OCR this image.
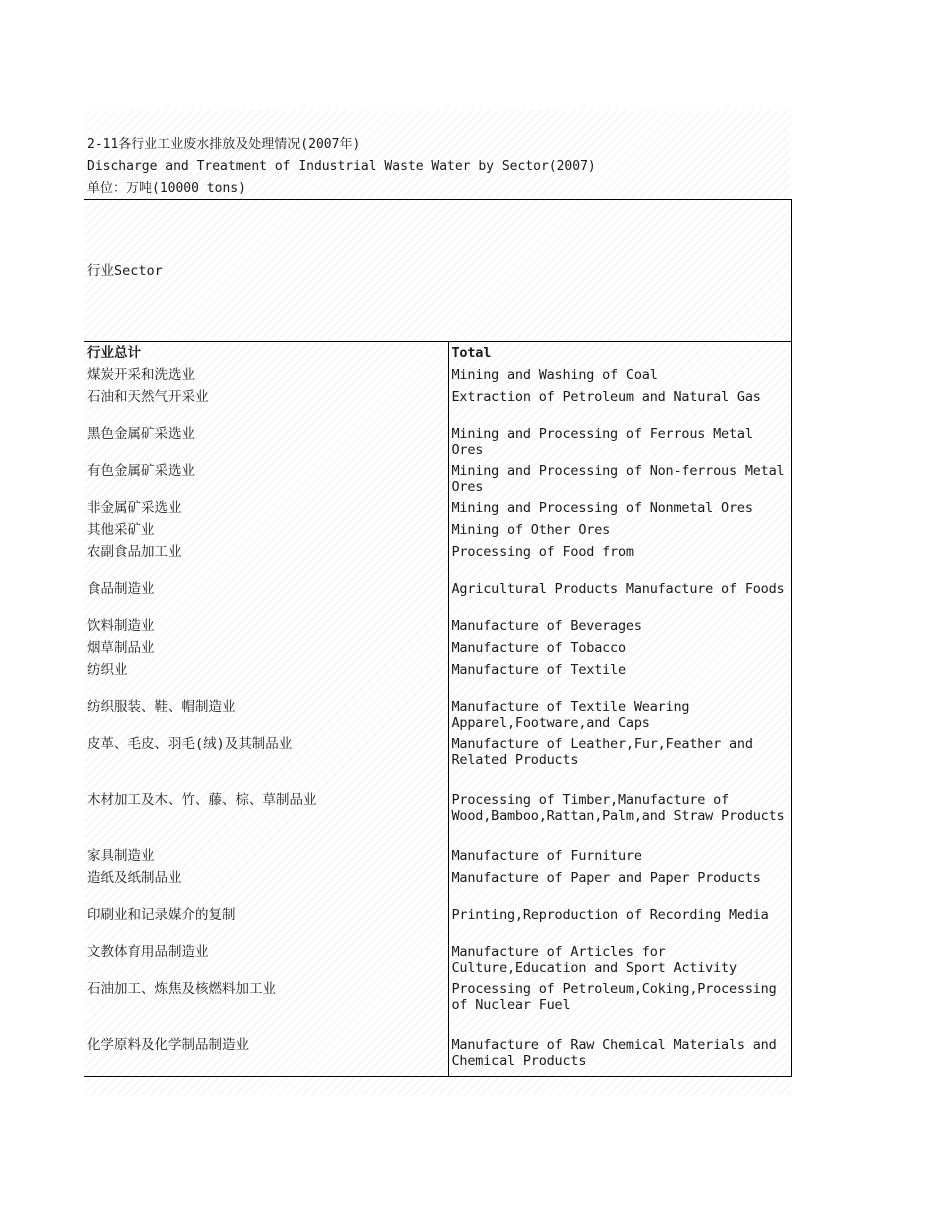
2-11各行业工业废水排放及处理情况(2007年)
Discharge and Treatment of Industrial Waste Water by Sector(2007)
单位：万吨(10000 tons)
行业Sector	
行业总计	Total
煤炭开采和洗选业	Mining and Washing of Coal
石油和天然气开采业	Extraction of Petroleum and Natural Gas
黑色金属矿采选业	Mining and Processing of Ferrous Metal Ores
有色金属矿采选业	Mining and Processing of Non-ferrous Metal Ores
非金属矿采选业	Mining and Processing of Nonmetal Ores
其他采矿业	Mining of Other Ores
农副食品加工业	Processing of Food from
食品制造业	Agricultural Products Manufacture of Foods
饮料制造业	Manufacture of Beverages
烟草制品业	Manufacture of Tobacco
纺织业	Manufacture of Textile
纺织服装、鞋、帽制造业	Manufacture of Textile Wearing Apparel,Footware,and Caps
皮革、毛皮、羽毛(绒)及其制品业	Manufacture of Leather,Fur,Feather and Related Products
木材加工及木、竹、藤、棕、草制品业	Processing of Timber,Manufacture of Wood,Bamboo,Rattan,Palm,and Straw Products
家具制造业	Manufacture of Furniture
造纸及纸制品业	Manufacture of Paper and Paper Products
印刷业和记录媒介的复制	Printing,Reproduction of Recording Media
文教体育用品制造业	Manufacture of Articles for Culture,Education and Sport Activity
石油加工、炼焦及核燃料加工业	Processing of Petroleum,Coking,Processing of Nuclear Fuel
化学原料及化学制品制造业	Manufacture of Raw Chemical Materials and Chemical Products
